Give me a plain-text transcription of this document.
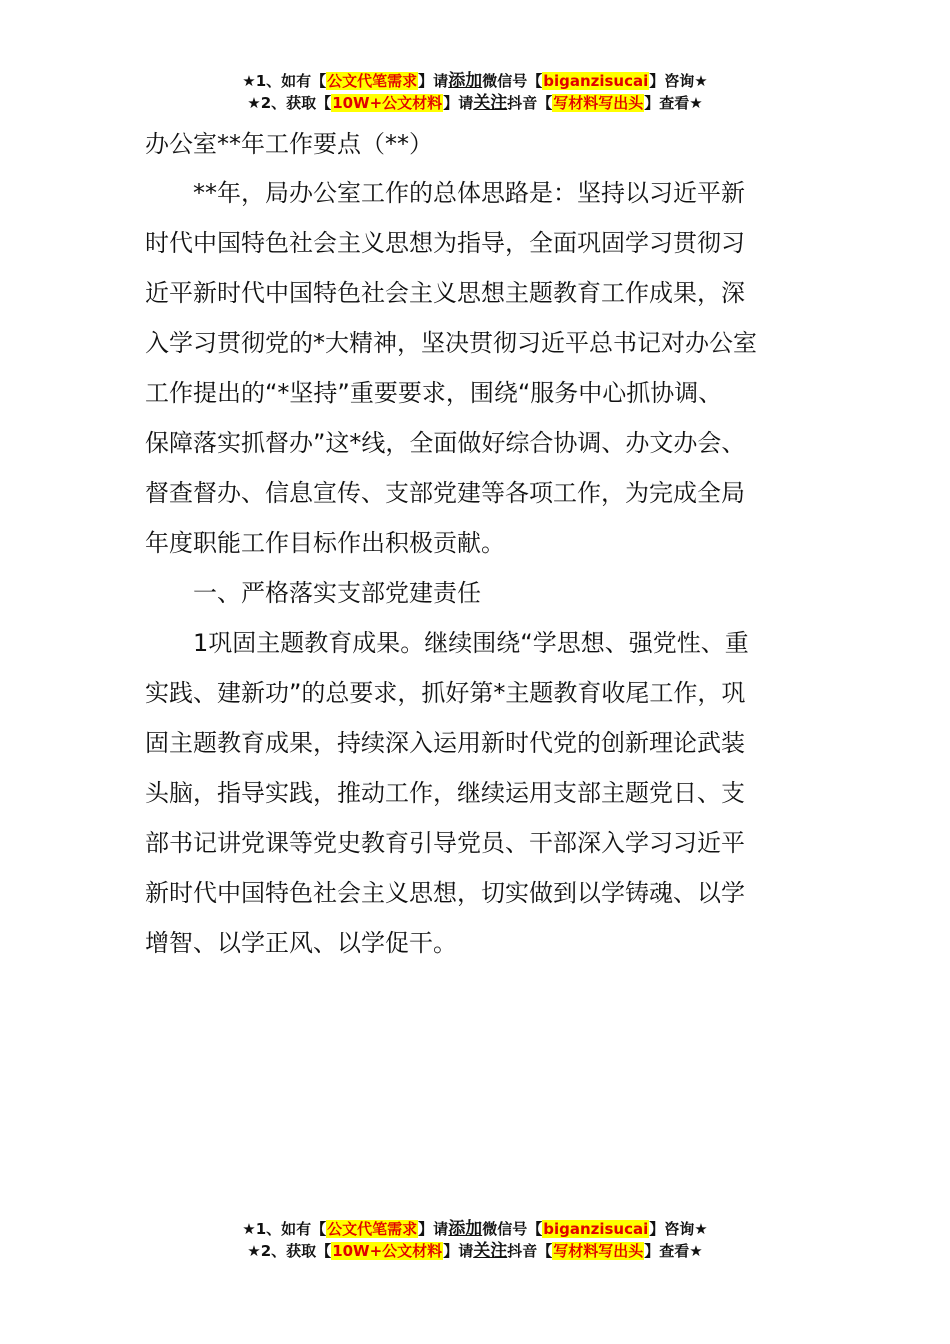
★1、如有【公文代笔需求】请添加微信号【biganzisucai】咨询★
★2、获取【10W+公文材料】请关注抖音【写材料写出头】查看★

办公室**年工作要点（**）

**年，局办公室工作的总体思路是：坚持以习近平新
时代中国特色社会主义思想为指导，全面巩固学习贯彻习
近平新时代中国特色社会主义思想主题教育工作成果，深
入学习贯彻党的*大精神，坚决贯彻习近平总书记对办公室
工作提出的“*坚持”重要要求，围绕“服务中心抓协调、
保障落实抓督办”这*线，全面做好综合协调、办文办会、
督查督办、信息宣传、支部党建等各项工作，为完成全局
年度职能工作目标作出积极贡献。

一、严格落实支部党建责任

1巩固主题教育成果。继续围绕“学思想、强党性、重
实践、建新功”的总要求，抓好第*主题教育收尾工作，巩
固主题教育成果，持续深入运用新时代党的创新理论武装
头脑，指导实践，推动工作，继续运用支部主题党日、支
部书记讲党课等党史教育引导党员、干部深入学习习近平
新时代中国特色社会主义思想，切实做到以学铸魂、以学
增智、以学正风、以学促干。

★1、如有【公文代笔需求】请添加微信号【biganzisucai】咨询★
★2、获取【10W+公文材料】请关注抖音【写材料写出头】查看★
